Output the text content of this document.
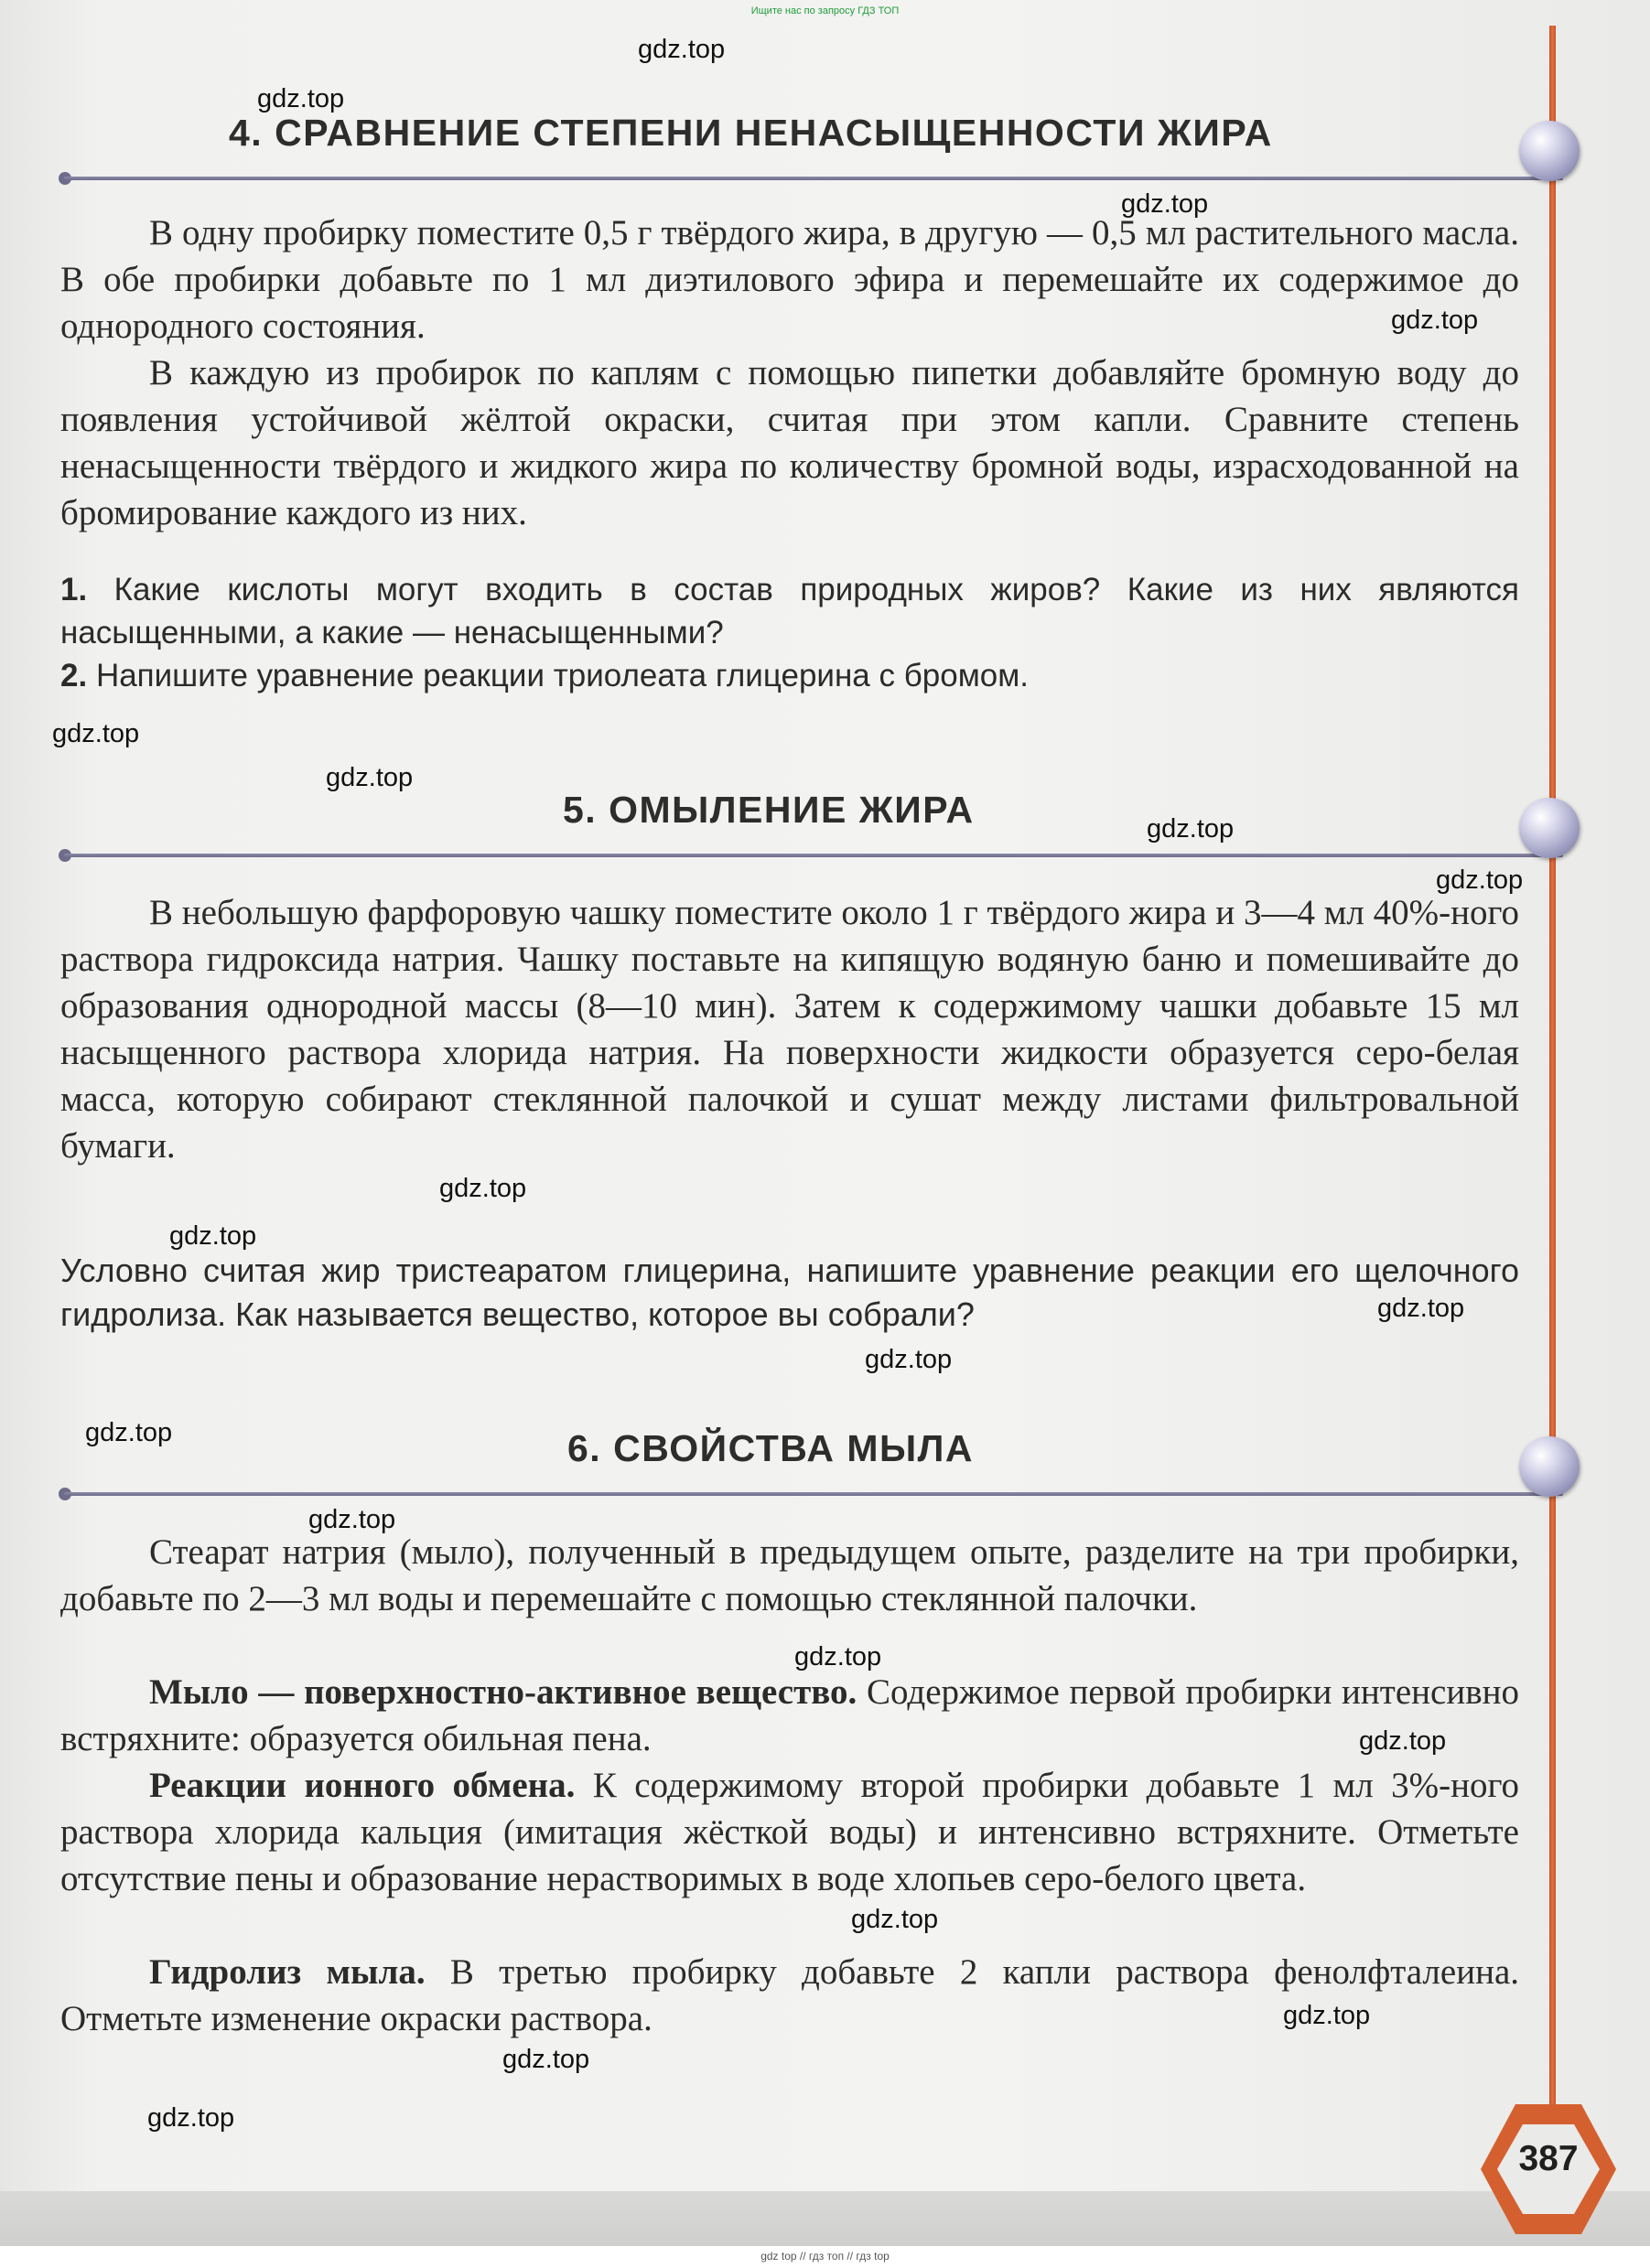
Ищите нас по запросу ГДЗ ТОП
4. СРАВНЕНИЕ СТЕПЕНИ НЕНАСЫЩЕННОСТИ ЖИРА

В одну пробирку поместите 0,5 г твёрдого жира, в другую — 0,5 мл растительного масла. В обе пробирки добавьте по 1 мл диэтилового эфира и перемешайте их содержимое до однородного состояния.

В каждую из пробирок по каплям с помощью пипетки добавляйте бромную воду до появления устойчивой жёлтой окраски, считая при этом капли. Сравните степень ненасыщенности твёрдого и жидкого жира по количеству бромной воды, израсходованной на бромирование каждого из них.

1. Какие кислоты могут входить в состав природных жиров? Какие из них являются насыщенными, а какие — ненасыщенными?

2. Напишите уравнение реакции триолеата глицерина с бромом.

5. ОМЫЛЕНИЕ ЖИРА

В небольшую фарфоровую чашку поместите около 1 г твёрдого жира и 3—4 мл 40%-ного раствора гидроксида натрия. Чашку поставьте на кипящую водяную баню и помешивайте до образования однородной массы (8—10 мин). Затем к содержимому чашки добавьте 15 мл насыщенного раствора хлорида натрия. На поверхности жидкости образуется серо-белая масса, которую собирают стеклянной палочкой и сушат между листами фильтровальной бумаги.

Условно считая жир тристеаратом глицерина, напишите уравнение реакции его щелочного гидролиза. Как называется вещество, которое вы собрали?

6. СВОЙСТВА МЫЛА

Стеарат натрия (мыло), полученный в предыдущем опыте, разделите на три пробирки, добавьте по 2—3 мл воды и перемешайте с помощью стеклянной палочки.

Мыло — поверхностно-активное вещество. Содержимое первой пробирки интенсивно встряхните: образуется обильная пена.

Реакции ионного обмена. К содержимому второй пробирки добавьте 1 мл 3%-ного раствора хлорида кальция (имитация жёсткой воды) и интенсивно встряхните. Отметьте отсутствие пены и образование нерастворимых в воде хлопьев серо-белого цвета.

Гидролиз мыла. В третью пробирку добавьте 2 капли раствора фенолфталеина. Отметьте изменение окраски раствора.

387
gdz.top
gdz.top
gdz.top
gdz.top
gdz.top
gdz.top
gdz.top
gdz.top
gdz.top
gdz.top
gdz.top
gdz.top
gdz.top
gdz.top
gdz.top
gdz.top
gdz.top
gdz.top
gdz.top
gdz.top
gdz top // гдз топ // гдз top
